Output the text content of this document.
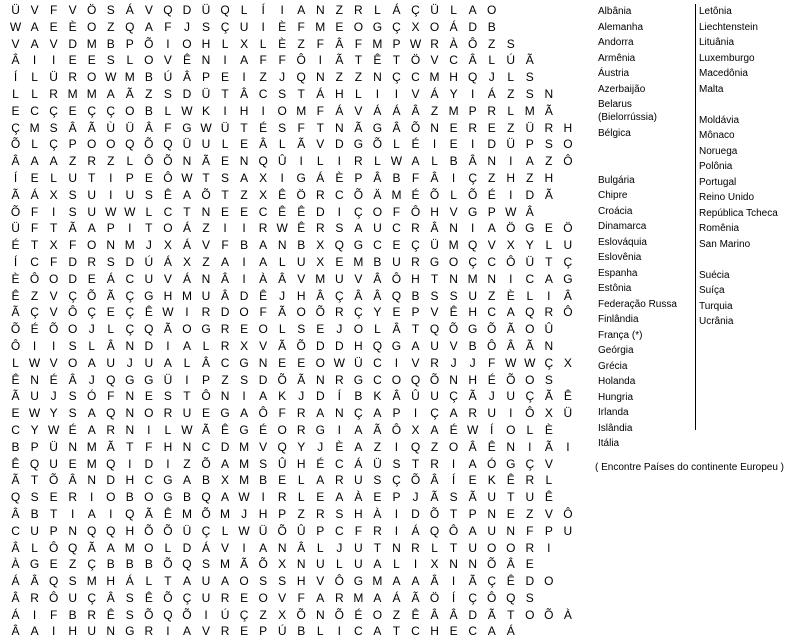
Ü V F V Ö S Á V Q D Ü Q L	Í	I	A N Z R L Á Ç Ü L A O
W A E È O Z Q A F	J	S Ç U	I	È F M E O G Ç X O Á D B
V A V D M B P Õ	I	O H L X L È Z F Â F M P W R À Ô Z S
Â	I	I	E E S L O V Ê N	I	A F F Ô	I	Ã T Ê T Ö V C Â L Ú Ã
Í	L Ü R O W M B Ú Â P E	I	Z	J Q N Z Z N Ç C M H Q J	L S
L	L R M M A Ã Z S D Ü T Â C S T Á H L	I	I	V Á Y	I	Á Z S N
E C Ç E Ç Ç O B L W K	I	H	I	O M F Á V Á Á Â Z M P R L M Ã
Ç M S Â Ã Ù Ü Â F G W Ü T É S F T N Ã G Â Õ N E R E Z Ü R H
Õ L Ç P O O Q Õ Q Ü U L E Â L Ã V D G Õ L É	I	E	I	D Ü P S O
Â A A Z R Z	L Ô Õ N Ã E N Q Û	I	L	I	R L W A L B Â N	I	A Z Ô
Í	E L U T	I	P E Ô W T S A X	I	G Á È P Â B F Â	I	Ç Z H Z H
Ã Á X S U	I	U S Ê A Õ T Z X Ê Ö R C Õ Ä M É Õ L Õ É	I	D Ã
Õ F	I	S U W W L C T N E E C Ê Ê D	I	Ç O F Ô H V G P W Â
Ü F T Ã A P	I	T O Á Z	I	I	R W Ê R S A U C R Â N	I	A Ö G E Ö
É T X F O N M J	X Á V F B A N B X Q G C E Ç Ü M Q V X Y L U
Í	C F D R S D Ú Á X Z A	I	A L U X E M B U R G O Ç C Ô Ü T Ç
È Ô O D E Á C U V Á N Â	I	À Â V M U V Â Ô H T N M N	I	C A G
Ê Z V Ç Õ Ã Ç G H M U Â D Ê	J H Â Ç Â Â Q B S S U Z È L	I	Â
Ã Ç V Ô Ç E Ç Ê W I	R D O F Ã O Õ R Ç Y E P V Ê H C A Q R Ô
Õ É Õ O J	L Ç Q Ã O G R E O L S E	J O L Â T Q Õ G Õ Ã O Û
Ô	I	I	S L Â N D	I	A L R X V Ã Õ D D H Q G A U V B Ô Â Ã N
L W V O A U J U A L Â C G N E E O W Ü C	I	V R J	J	F W W Ç X
Ê N É Â	J Q G G Ü	I	P Z S D Õ Ã N R G C O Q Õ N H É Õ O S
Ã U J	S Ó F N E S T Ô N	I	A K	J D	Í	B K Â Û U Ç Ã	J U Ç Ã Ê
E W Y S A Q N O R U E G A Ô F R A N Ç A P	I	Ç A R U	I	Ô X Ü
C Y W É A R N	I	L W Ã Ê G É O R G	I	A Ã Ô X A É W Í	O L È
B P Ü N M Ã T F H N C D M V Q Y	J	È A Z	I	Q Z O Â Ê N	I	Ã	I
Ê Q U E M Q	I	D	I	Z Õ A M S Û H É C Á Ü S T R	I	A Ó G Ç V
Ã T Õ Â N D H C G A B X M B E L A R U S Ç Õ Â	Í	E K Ê R L
Q S E R	I	O B O G B Q A W I	R L E A À E P	J	Ã S Ã U T U Ê
Â B T	I	A	I	Q Ã Ê M Õ M J H P Z R S H À	I	D Õ T P N E Z V Ô
C U P N Q Q H Õ Õ Ü Ç L W Ü Õ Û P C F R	I	Á Q Ô A U N F P U
Â L Ô Q Ã A M O L D Á V	I	A N Â L	J U T N R L	T U O O R	I
À G E Z Ç B B B Õ Q S M Ã Õ X N U L U A L	I	X N N Õ Â E
Á Â Q S M H Á L	T A U A O S S H V Ô G M A A Â	I	Ã Ç Ê D O
Â R Ô U Ç Â S Ê Õ Ç U R E O V F A R M A Á Ã Ö	Í	Ç Ô Q S
Á	I	F B R Ê S Õ Q Õ	I	Ú Ç Z X Õ N Õ É O Z Ê Â Â D Ã T O Õ À
Â A	I	H U N G R	I	A V R E P Ú B L	I	C A T C H E C A Á
Albânia
Alemanha
Andorra
Armênia
Áustria
Azerbaijão
Belarus (Bielorrússia)
Bélgica
Bulgária
Chipre
Croácia
Dinamarca
Eslováquia
Eslovênia
Espanha
Estônia
Federação Russa
Finlândia
França (*)
Geórgia
Grécia
Holanda
Hungria
Irlanda
Islândia
Itália
Letônia
Liechtenstein
Lituânia
Luxemburgo
Macedônia
Malta
Moldávia
Mônaco
Noruega
Polônia
Portugal
Reino Unido
República Tcheca
Romênia
San Marino
Suécia
Suíça
Turquia
Ucrânia
( Encontre Países do continente Europeu )
